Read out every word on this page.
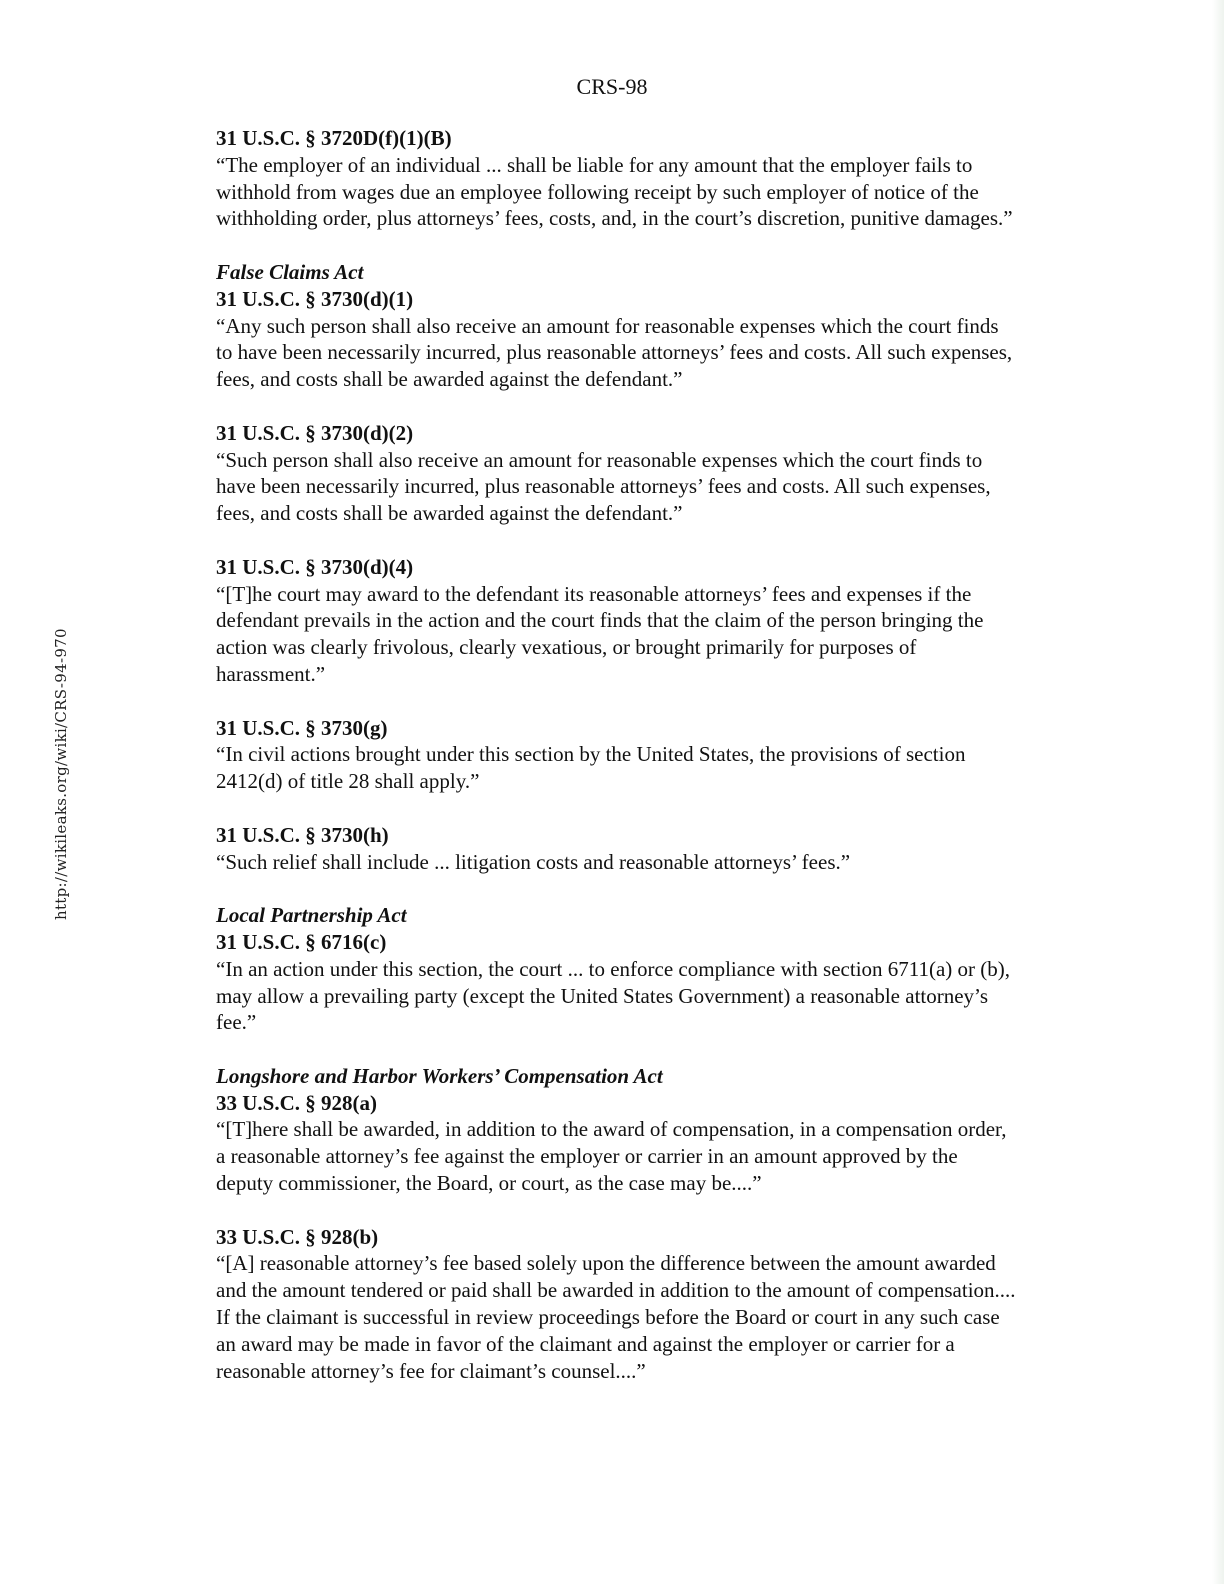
CRS-98
http://wikileaks.org/wiki/CRS-94-970

31 U.S.C. § 3720D(f)(1)(B)

“The employer of an individual ... shall be liable for any amount that the employer fails to withhold from wages due an employee following receipt by such employer of notice of the withholding order, plus attorneys’ fees, costs, and, in the court’s discretion, punitive damages.”

False Claims Act

31 U.S.C. § 3730(d)(1)

“Any such person shall also receive an amount for reasonable expenses which the court finds to have been necessarily incurred, plus reasonable attorneys’ fees and costs. All such expenses, fees, and costs shall be awarded against the defendant.”

31 U.S.C. § 3730(d)(2)

“Such person shall also receive an amount for reasonable expenses which the court finds to have been necessarily incurred, plus reasonable attorneys’ fees and costs. All such expenses, fees, and costs shall be awarded against the defendant.”

31 U.S.C. § 3730(d)(4)

“[T]he court may award to the defendant its reasonable attorneys’ fees and expenses if the defendant prevails in the action and the court finds that the claim of the person bringing the action was clearly frivolous, clearly vexatious, or brought primarily for purposes of harassment.”

31 U.S.C. § 3730(g)

“In civil actions brought under this section by the United States, the provisions of section 2412(d) of title 28 shall apply.”

31 U.S.C. § 3730(h)

“Such relief shall include ... litigation costs and reasonable attorneys’ fees.”

Local Partnership Act

31 U.S.C. § 6716(c)

“In an action under this section, the court ... to enforce compliance with section 6711(a) or (b), may allow a prevailing party (except the United States Government) a reasonable attorney’s fee.”

Longshore and Harbor Workers’ Compensation Act

33 U.S.C. § 928(a)

“[T]here shall be awarded, in addition to the award of compensation, in a compensation order, a reasonable attorney’s fee against the employer or carrier in an amount approved by the deputy commissioner, the Board, or court, as the case may be....”

33 U.S.C. § 928(b)

“[A] reasonable attorney’s fee based solely upon the difference between the amount awarded and the amount tendered or paid shall be awarded in addition to the amount of compensation.... If the claimant is successful in review proceedings before the Board or court in any such case an award may be made in favor of the claimant and against the employer or carrier for a reasonable attorney’s fee for claimant’s counsel....”
